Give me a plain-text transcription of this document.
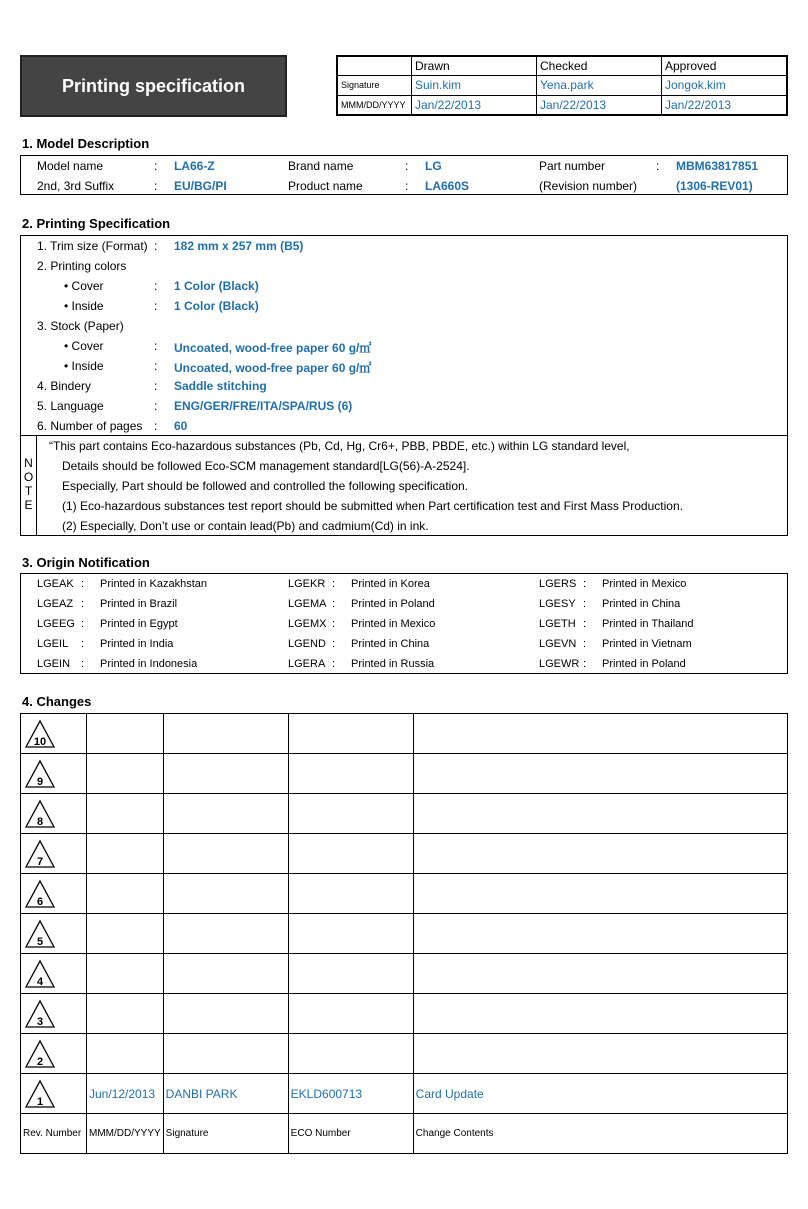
Printing specification
	Drawn	Checked	Approved
Signature	Suin.kim	Yena.park	Jongok.kim
MMM/DD/YYYY	Jan/22/2013	Jan/22/2013	Jan/22/2013
1. Model Description
Model name	: LA66-Z	Brand name	: LG	Part number	: MBM63817851
2nd, 3rd Suffix	: EU/BG/PI	Product name	: LA660S	(Revision number)	(1306-REV01)
2. Printing Specification
1. Trim size (Format) : 182 mm x 257 mm (B5)
2. Printing colors
• Cover	: 1 Color (Black)
• Inside	: 1 Color (Black)
3. Stock (Paper)
• Cover	: Uncoated, wood-free paper 60 g/㎡
• Inside	: Uncoated, wood-free paper 60 g/㎡
4. Bindery	: Saddle stitching
5. Language	: ENG/GER/FRE/ITA/SPA/RUS (6)
6. Number of pages : 60
N
O
T
E
“This part contains Eco-hazardous substances (Pb, Cd, Hg, Cr6+, PBB, PBDE, etc.) within LG standard level,
Details should be followed Eco-SCM management standard[LG(56)-A-2524].
Especially, Part should be followed and controlled the following specification.
(1) Eco-hazardous substances test report should be submitted when Part certification test and First Mass Production.
(2) Especially, Don’t use or contain lead(Pb) and cadmium(Cd) in ink.
3. Origin Notification
LGEAK : Printed in Kazakhstan	LGEKR : Printed in Korea	LGERS : Printed in Mexico
LGEAZ : Printed in Brazil	LGEMA : Printed in Poland	LGESY : Printed in China
LGEEG : Printed in Egypt	LGEMX : Printed in Mexico	LGETH : Printed in Thailand
LGEIL : Printed in India	LGEND : Printed in China	LGEVN : Printed in Vietnam
LGEIN : Printed in Indonesia	LGERA : Printed in Russia	LGEWR : Printed in Poland
4. Changes
10				

9				

8				

7				

6				

5				

4				

3				

2				

1	Jun/12/2013	DANBI PARK	EKLD600713	Card Update
Rev. Number	MMM/DD/YYYY	Signature	ECO Number	Change Contents
